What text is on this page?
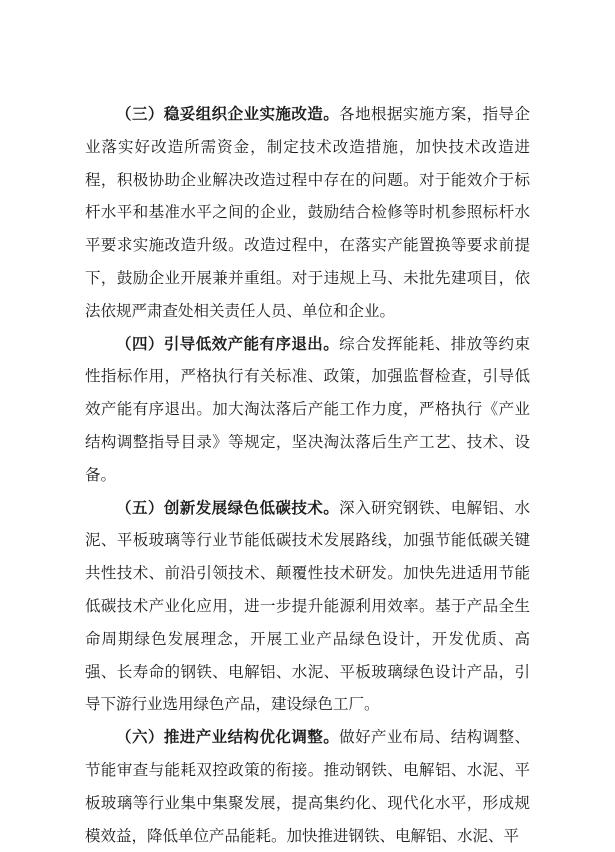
（三）稳妥组织企业实施改造。各地根据实施方案，指导企业落实好改造所需资金，制定技术改造措施，加快技术改造进程，积极协助企业解决改造过程中存在的问题。对于能效介于标杆水平和基准水平之间的企业，鼓励结合检修等时机参照标杆水平要求实施改造升级。改造过程中，在落实产能置换等要求前提下，鼓励企业开展兼并重组。对于违规上马、未批先建项目，依法依规严肃查处相关责任人员、单位和企业。

（四）引导低效产能有序退出。综合发挥能耗、排放等约束性指标作用，严格执行有关标准、政策，加强监督检查，引导低效产能有序退出。加大淘汰落后产能工作力度，严格执行《产业结构调整指导目录》等规定，坚决淘汰落后生产工艺、技术、设备。

（五）创新发展绿色低碳技术。深入研究钢铁、电解铝、水泥、平板玻璃等行业节能低碳技术发展路线，加强节能低碳关键共性技术、前沿引领技术、颠覆性技术研发。加快先进适用节能低碳技术产业化应用，进一步提升能源利用效率。基于产品全生命周期绿色发展理念，开展工业产品绿色设计，开发优质、高强、长寿命的钢铁、电解铝、水泥、平板玻璃绿色设计产品，引导下游行业选用绿色产品，建设绿色工厂。

（六）推进产业结构优化调整。做好产业布局、结构调整、节能审查与能耗双控政策的衔接。推动钢铁、电解铝、水泥、平板玻璃等行业集中集聚发展，提高集约化、现代化水平，形成规模效益，降低单位产品能耗。加快推进钢铁、电解铝、水泥、平
